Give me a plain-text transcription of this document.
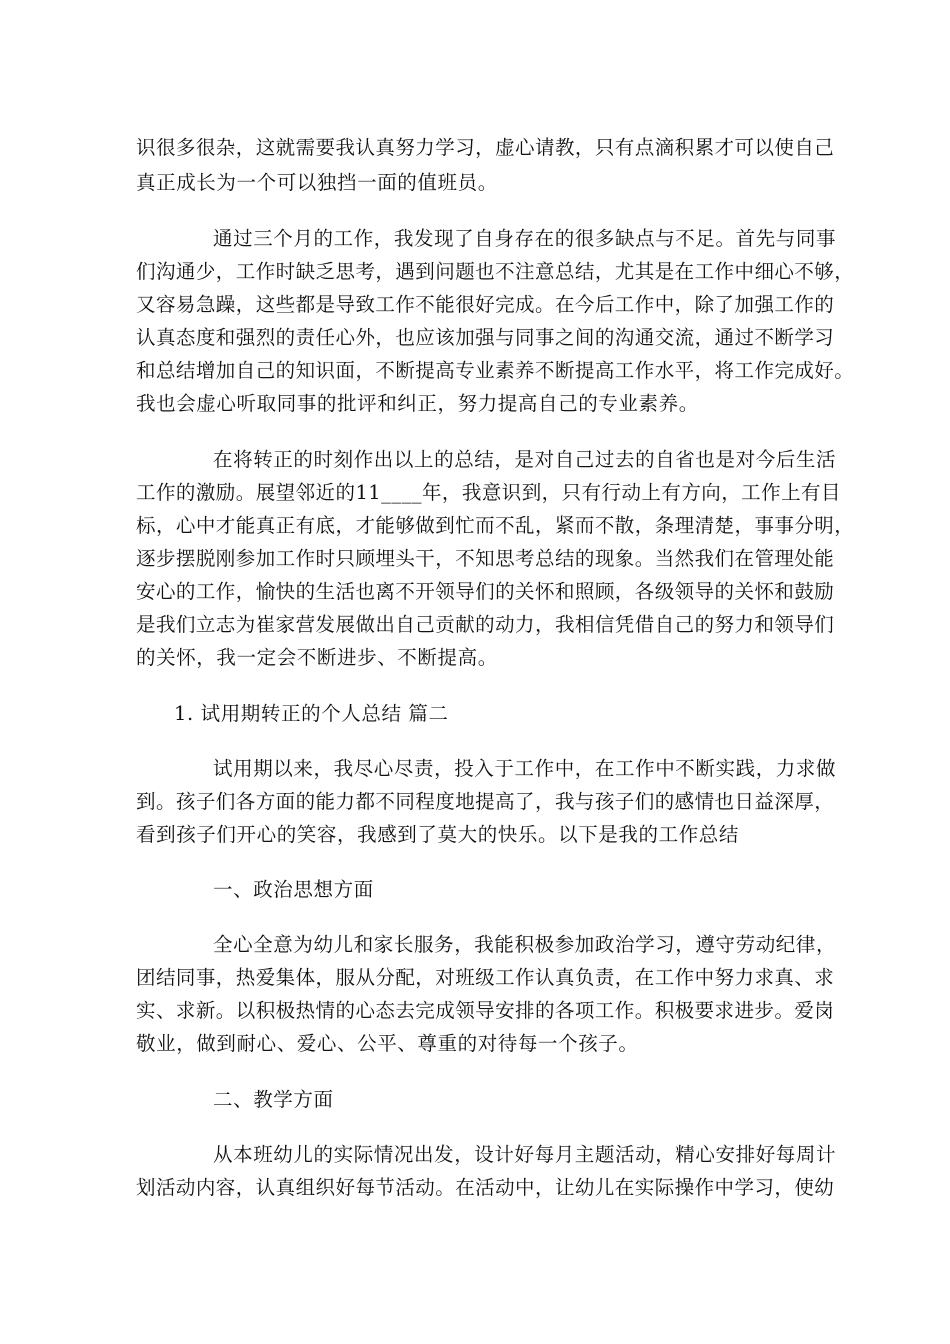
识很多很杂，这就需要我认真努力学习，虚心请教，只有点滴积累才可以使自己
真正成长为一个可以独挡一面的值班员。
通过三个月的工作，我发现了自身存在的很多缺点与不足。首先与同事
们沟通少，工作时缺乏思考，遇到问题也不注意总结，尤其是在工作中细心不够，
又容易急躁，这些都是导致工作不能很好完成。在今后工作中，除了加强工作的
认真态度和强烈的责任心外，也应该加强与同事之间的沟通交流，通过不断学习
和总结增加自己的知识面，不断提高专业素养不断提高工作水平，将工作完成好。
我也会虚心听取同事的批评和纠正，努力提高自己的专业素养。
在将转正的时刻作出以上的总结，是对自己过去的自省也是对今后生活
工作的激励。展望邻近的11____年，我意识到，只有行动上有方向，工作上有目
标，心中才能真正有底，才能够做到忙而不乱，紧而不散，条理清楚，事事分明，
逐步摆脱刚参加工作时只顾埋头干，不知思考总结的现象。当然我们在管理处能
安心的工作，愉快的生活也离不开领导们的关怀和照顾，各级领导的关怀和鼓励
是我们立志为崔家营发展做出自己贡献的动力，我相信凭借自己的努力和领导们
的关怀，我一定会不断进步、不断提高。
1. 试用期转正的个人总结 篇二
试用期以来，我尽心尽责，投入于工作中，在工作中不断实践，力求做
到。孩子们各方面的能力都不同程度地提高了，我与孩子们的感情也日益深厚，
看到孩子们开心的笑容，我感到了莫大的快乐。以下是我的工作总结
一、政治思想方面
全心全意为幼儿和家长服务，我能积极参加政治学习，遵守劳动纪律，
团结同事，热爱集体，服从分配，对班级工作认真负责，在工作中努力求真、求
实、求新。以积极热情的心态去完成领导安排的各项工作。积极要求进步。爱岗
敬业，做到耐心、爱心、公平、尊重的对待每一个孩子。
二、教学方面
从本班幼儿的实际情况出发，设计好每月主题活动，精心安排好每周计
划活动内容，认真组织好每节活动。在活动中，让幼儿在实际操作中学习，使幼
